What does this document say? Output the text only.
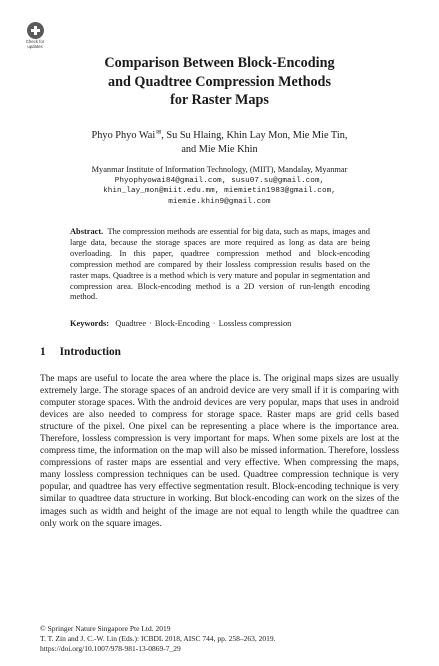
Check for
updates
Comparison Between Block-Encoding
and Quadtree Compression Methods
for Raster Maps
Phyo Phyo Wai✉, Su Su Hlaing, Khin Lay Mon, Mie Mie Tin,
and Mie Mie Khin
Myanmar Institute of Information Technology, (MIIT), Mandalay, Myanmar
Phyophyowai84@gmail.com, susu07.su@gmail.com,
khin_lay_mon@miit.edu.mm, miemietin1983@gmail.com,
miemie.khin9@gmail.com
Abstract. The compression methods are essential for big data, such as maps, images and large data, because the storage spaces are more required as long as data are being overloading. In this paper, quadtree compression method and block-encoding compression method are compared by their lossless compression results based on the raster maps. Quadtree is a method which is very mature and popular in segmentation and compression area. Block-encoding method is a 2D version of run-length encoding method.
Keywords: Quadtree · Block-Encoding · Lossless compression
1 Introduction
The maps are useful to locate the area where the place is. The original maps sizes are usually extremely large. The storage spaces of an android device are very small if it is comparing with computer storage spaces. With the android devices are very popular, maps that uses in android devices are also needed to compress for storage space. Raster maps are grid cells based structure of the pixel. One pixel can be representing a place where is the importance area. Therefore, lossless compression is very important for maps. When some pixels are lost at the compress time, the information on the map will also be missed information. Therefore, lossless compressions of raster maps are essential and very effective. When compressing the maps, many lossless compression techniques can be used. Quadtree compression technique is very popular, and quadtree has very effective segmentation result. Block-encoding technique is very similar to quadtree data structure in working. But block-encoding can work on the sizes of the images such as width and height of the image are not equal to length while the quadtree can only work on the square images.
© Springer Nature Singapore Pte Ltd. 2019
T. T. Zin and J. C.-W. Lin (Eds.): ICBDL 2018, AISC 744, pp. 258–263, 2019.
https://doi.org/10.1007/978-981-13-0869-7_29
